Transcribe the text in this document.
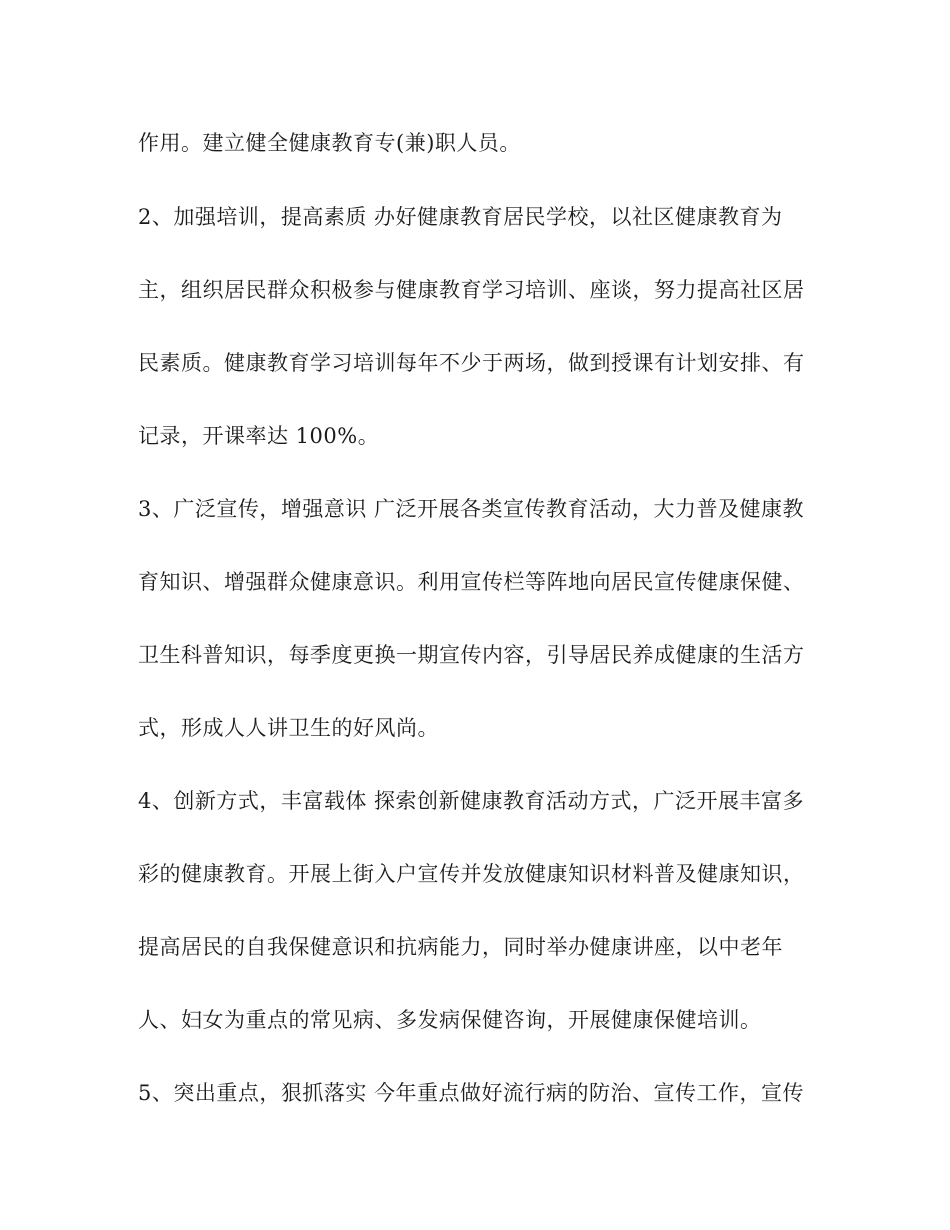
作用。建立健全健康教育专(兼)职人员。

2、加强培训，提高素质 办好健康教育居民学校，以社区健康教育为

主，组织居民群众积极参与健康教育学习培训、座谈，努力提高社区居

民素质。健康教育学习培训每年不少于两场，做到授课有计划安排、有

记录，开课率达 100%。

3、广泛宣传，增强意识 广泛开展各类宣传教育活动，大力普及健康教

育知识、增强群众健康意识。利用宣传栏等阵地向居民宣传健康保健、

卫生科普知识，每季度更换一期宣传内容，引导居民养成健康的生活方

式，形成人人讲卫生的好风尚。

4、创新方式，丰富载体 探索创新健康教育活动方式，广泛开展丰富多

彩的健康教育。开展上街入户宣传并发放健康知识材料普及健康知识，

提高居民的自我保健意识和抗病能力，同时举办健康讲座，以中老年

人、妇女为重点的常见病、多发病保健咨询，开展健康保健培训。

5、突出重点，狠抓落实 今年重点做好流行病的防治、宣传工作，宣传
